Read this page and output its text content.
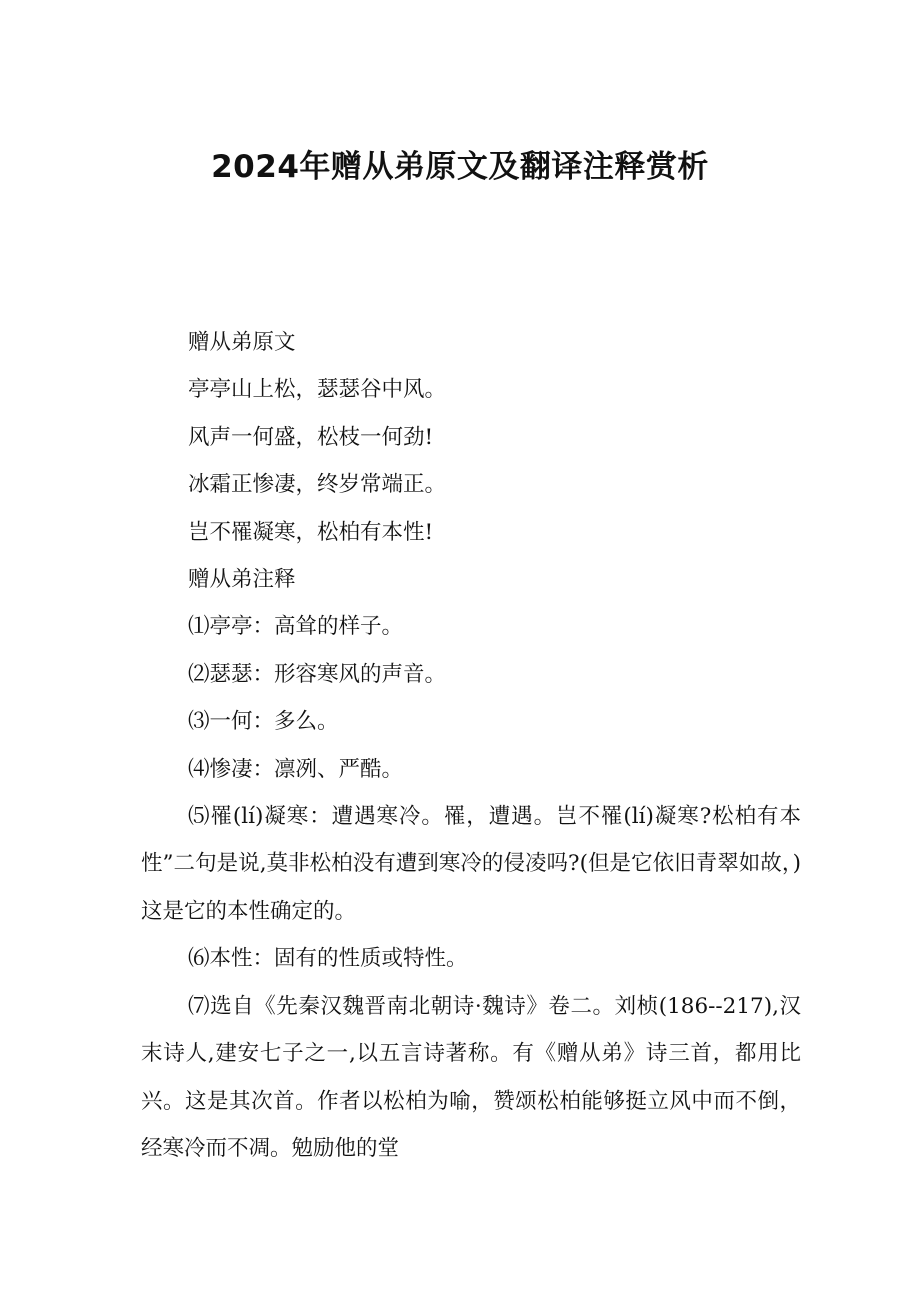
2024年赠从弟原文及翻译注释赏析

赠从弟原文

亭亭山上松，瑟瑟谷中风。

风声一何盛，松枝一何劲!

冰霜正惨凄，终岁常端正。

岂不罹凝寒，松柏有本性!

赠从弟注释

⑴亭亭：高耸的样子。

⑵瑟瑟：形容寒风的声音。

⑶一何：多么。

⑷惨凄：凛冽、严酷。

⑸罹(lí)凝寒：遭遇寒冷。罹，遭遇。岂不罹(lí)凝寒?松柏有本性”二句是说,莫非松柏没有遭到寒冷的侵凌吗?(但是它依旧青翠如故，)这是它的本性确定的。

⑹本性：固有的性质或特性。

⑺选自《先秦汉魏晋南北朝诗·魏诗》卷二。刘桢(186--217),汉末诗人,建安七子之一,以五言诗著称。有《赠从弟》诗三首，都用比兴。这是其次首。作者以松柏为喻，赞颂松柏能够挺立风中而不倒，经寒冷而不凋。勉励他的堂
